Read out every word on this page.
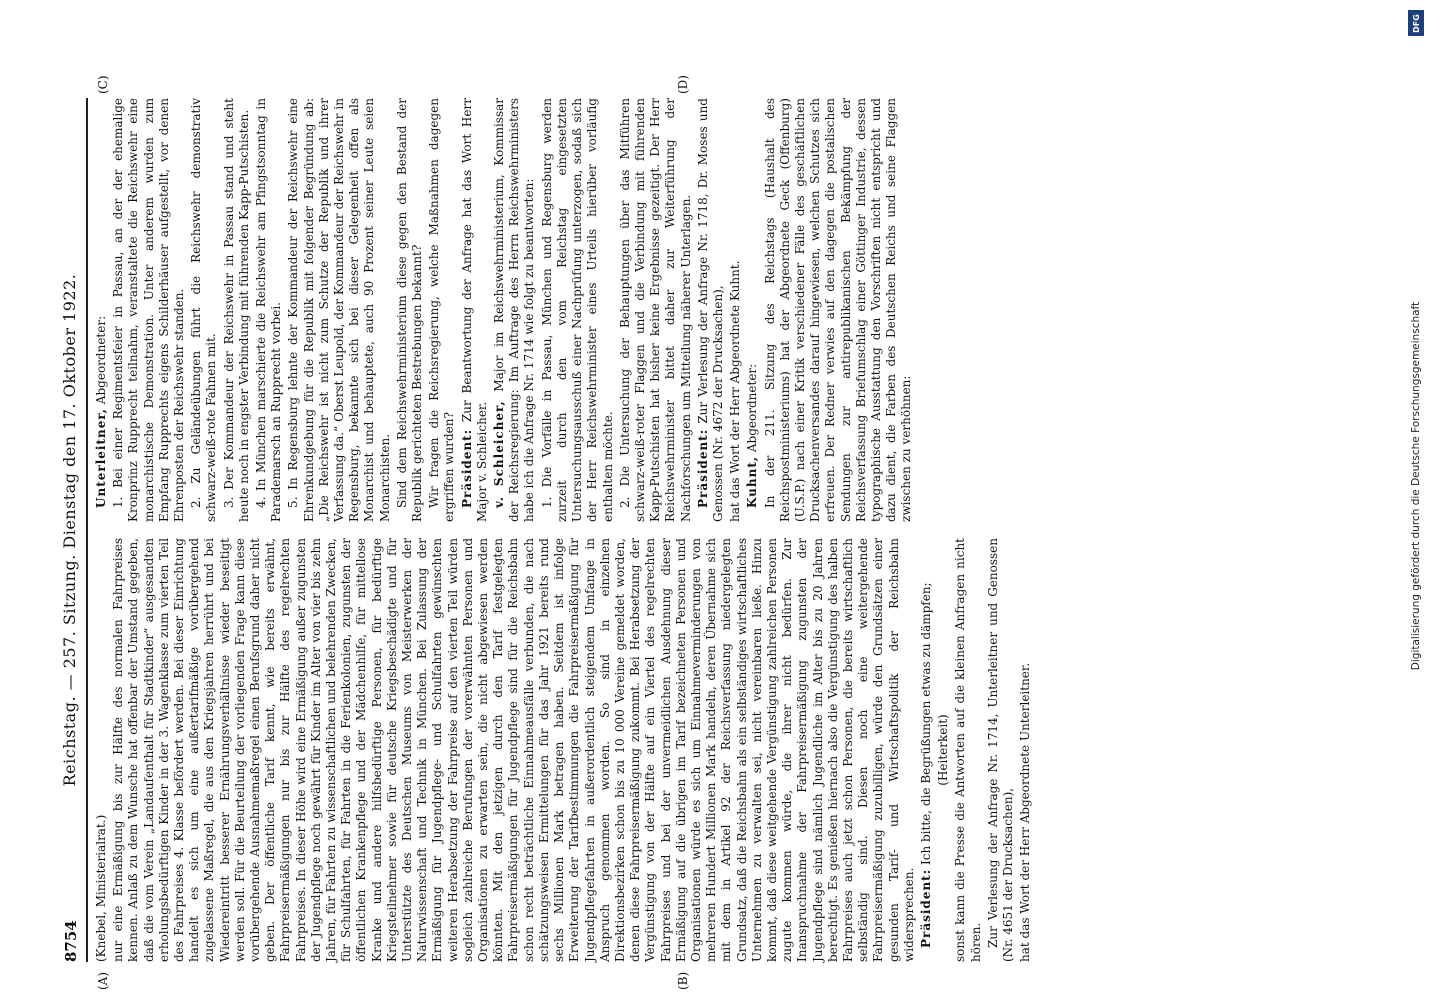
8754
Reichstag. — 257. Sitzung. Dienstag den 17. Oktober 1922.
(A)	(B)
(C)	(D)

(Knebel, Ministerialrat.) nur eine Ermäßigung bis zur Hälfte des normalen Fahrpreises kennen. Anlaß zu dem Wunsche hat offenbar der Umstand gegeben, daß die vom Verein „Landaufenthalt für Stadtkinder“ ausgesandten erholungsbedürftigen Kinder in der 3. Wagenklasse zum vierten Teil des Fahrpreises 4. Klasse befördert werden. Bei dieser Einrichtung handelt es sich um eine außertarifmäßige vorübergehend zugelassene Maßregel, die aus den Kriegsjahren herrührt und bei Wiedereintritt besserer Ernährungsverhältnisse wieder beseitigt werden soll. Für die Beurteilung der vorliegenden Frage kann diese vorübergehende Ausnahmemaßregel einen Berufsgrund daher nicht geben. Der öffentliche Tarif kennt, wie bereits erwähnt, Fahrpreisermäßigungen nur bis zur Hälfte des regelrechten Fahrpreises. In dieser Höhe wird eine Ermäßigung außer zugunsten der Jugendpflege noch gewährt für Kinder im Alter von vier bis zehn Jahren, für Fahrten zu wissenschaftlichen und belehrenden Zwecken, für Schulfahrten, für Fahrten in die Ferienkolonien, zugunsten der öffentlichen Krankenpflege und der Mädchenhilfe, für mittellose Kranke und andere hilfsbedürftige Personen, für bedürftige Kriegsteilnehmer sowie für deutsche Kriegsbeschädigte und für Unterstützte des Deutschen Museums von Meisterwerken der Naturwissenschaft und Technik in München. Bei Zulassung der Ermäßigung für Jugendpflege- und Schulfahrten gewünschten weiteren Herabsetzung der Fahrpreise auf den vierten Teil würden sogleich zahlreiche Berufungen der vorerwähnten Personen und Organisationen zu erwarten sein, die nicht abgewiesen werden könnten. Mit den jetzigen durch den Tarif festgelegten Fahrpreisermäßigungen für Jugendpflege sind für die Reichsbahn schon recht beträchtliche Einnahmeausfälle verbunden, die nach schätzungsweisen Ermittelungen für das Jahr 1921 bereits rund sechs Millionen Mark betragen haben. Seitdem ist infolge Erweiterung der Tarifbestimmungen die Fahrpreisermäßigung für Jugendpflegefahrten in außerordentlich steigendem Umfange in Anspruch genommen worden. So sind in einzelnen Direktionsbezirken schon bis zu 10 000 Vereine gemeldet worden, denen diese Fahrpreisermäßigung zukommt. Bei Herabsetzung der Vergünstigung von der Hälfte auf ein Viertel des regelrechten Fahrpreises und bei der unvermeidlichen Ausdehnung dieser Ermäßigung auf die übrigen im Tarif bezeichneten Personen und Organisationen würde es sich um Einnahmeverminderungen von mehreren Hundert Millionen Mark handeln, deren Übernahme sich mit dem in Artikel 92 der Reichsverfassung niedergelegten Grundsatz, daß die Reichsbahn als ein selbständiges wirtschaftliches Unternehmen zu verwalten sei, nicht vereinbaren ließe. Hinzu kommt, daß diese weitgehende Vergünstigung zahlreichen Personen zugute kommen würde, die ihrer nicht bedürfen. Zur Inanspruchnahme der Fahrpreisermäßigung zugunsten der Jugendpflege sind nämlich Jugendliche im Alter bis zu 20 Jahren berechtigt. Es genießen hiernach also die Vergünstigung des halben Fahrpreises auch jetzt schon Personen, die bereits wirtschaftlich selbständig sind. Diesen noch eine weitergehende Fahrpreisermäßigung zuzubilligen, würde den Grundsätzen einer gesunden Tarif- und Wirtschaftspolitik der Reichsbahn widersprechen. Präsident: Ich bitte, die Begrüßungen etwas zu dämpfen; (Heiterkeit) sonst kann die Presse die Antworten auf die kleinen Anfragen nicht hören. Zur Verlesung der Anfrage Nr. 1714, Unterleitner und Genossen (Nr. 4651 der Drucksachen), hat das Wort der Herr Abgeordnete Unterleitner.

Unterleitner, Abgeordneter: 1. Bei einer Regimentsfeier in Passau, an der der ehemalige Kronprinz Rupprecht teilnahm, veranstaltete die Reichswehr eine monarchistische Demonstration. Unter anderem wurden zum Empfang Rupprechts eigens Schilderhäuser aufgestellt, vor denen Ehrenposten der Reichswehr standen. 2. Zu Geländeübungen führt die Reichswehr demonstrativ schwarz-weiß-rote Fahnen mit. 3. Der Kommandeur der Reichswehr in Passau stand und steht heute noch in engster Verbindung mit führenden Kapp-Putschisten. 4. In München marschierte die Reichswehr am Pfingstsonntag in Parademarsch an Rupprecht vorbei. 5. In Regensburg lehnte der Kommandeur der Reichswehr eine Ehrenkundgebung für die Republik mit folgender Begründung ab: „Die Reichswehr ist nicht zum Schutze der Republik und ihrer Verfassung da.“ Oberst Leupold, der Kommandeur der Reichswehr in Regensburg, bekannte sich bei dieser Gelegenheit offen als Monarchist und behauptete, auch 90 Prozent seiner Leute seien Monarchisten. Sind dem Reichswehrministerium diese gegen den Bestand der Republik gerichteten Bestrebungen bekannt? Wir fragen die Reichsregierung, welche Maßnahmen dagegen ergriffen wurden? Präsident: Zur Beantwortung der Anfrage hat das Wort Herr Major v. Schleicher. v. Schleicher, Major im Reichswehrministerium, Kommissar der Reichsregierung: Im Auftrage des Herrn Reichswehrministers habe ich die Anfrage Nr. 1714 wie folgt zu beantworten: 1. Die Vorfälle in Passau, München und Regensburg werden zurzeit durch den vom Reichstag eingesetzten Untersuchungsausschuß einer Nachprüfung unterzogen, sodaß sich der Herr Reichswehrminister eines Urteils hierüber vorläufig enthalten möchte. 2. Die Untersuchung der Behauptungen über das Mitführen schwarz-weiß-roter Flaggen und die Verbindung mit führenden Kapp-Putschisten hat bisher keine Ergebnisse gezeitigt. Der Herr Reichswehrminister bittet daher zur Weiterführung der Nachforschungen um Mitteilung näherer Unterlagen. Präsident: Zur Verlesung der Anfrage Nr. 1718, Dr. Moses und Genossen (Nr. 4672 der Drucksachen), hat das Wort der Herr Abgeordnete Kuhnt. Kuhnt, Abgeordneter: In der 211. Sitzung des Reichstags (Haushalt des Reichspostministeriums) hat der Abgeordnete Geck (Offenburg) (U.S.P.) nach einer Kritik verschiedener Fälle des geschäftlichen Drucksachenversandes darauf hingewiesen, welchen Schutzes sich erfreuen. Der Redner verwies auf den dagegen die postalischen Sendungen zur antirepublikanischen Bekämpfung der Reichsverfassung Briefumschlag einer Göttinger Industrie, dessen typographische Ausstattung den Vorschriften nicht entspricht und dazu dient, die Farben des Deutschen Reichs und seine Flaggen zwischen zu verhöhnen:

DFG
Digitalisierung gefördert durch die Deutsche Forschungsgemeinschaft
